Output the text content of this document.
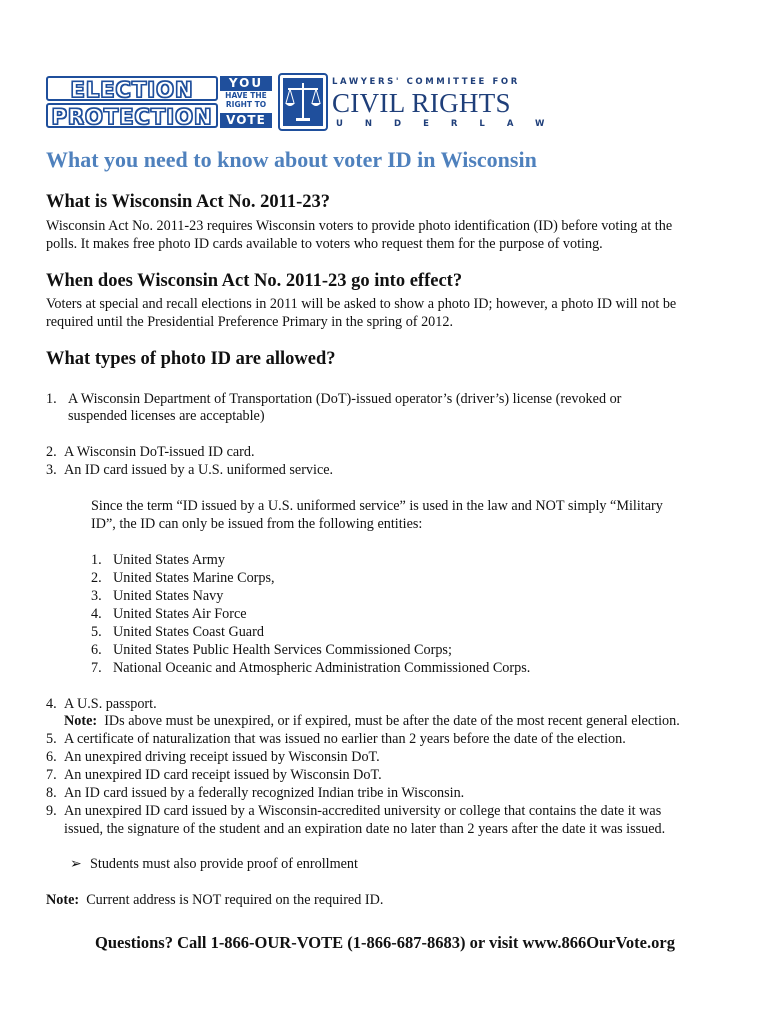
ELECTION
PROTECTION
YOU
HAVE THE
RIGHT TO
VOTE
LAWYERS' COMMITTEE FOR
CIVIL RIGHTS
UNDERLAW
What you need to know about voter ID in Wisconsin
What is Wisconsin Act No. 2011-23?
Wisconsin Act No. 2011-23 requires Wisconsin voters to provide photo identification (ID) before voting at the
polls. It makes free photo ID cards available to voters who request them for the purpose of voting.
When does Wisconsin Act No. 2011-23 go into effect?
Voters at special and recall elections in 2011 will be asked to show a photo ID; however, a photo ID will not be
required until the Presidential Preference Primary in the spring of 2012.
What types of photo ID are allowed?
1. A Wisconsin Department of Transportation (DoT)-issued operator’s (driver’s) license (revoked or
suspended licenses are acceptable)
2. A Wisconsin DoT-issued ID card.
3. An ID card issued by a U.S. uniformed service.
Since the term “ID issued by a U.S. uniformed service” is used in the law and NOT simply “Military
ID”, the ID can only be issued from the following entities:
1. United States Army
2. United States Marine Corps,
3. United States Navy
4. United States Air Force
5. United States Coast Guard
6. United States Public Health Services Commissioned Corps;
7. National Oceanic and Atmospheric Administration Commissioned Corps.
4. A U.S. passport.
Note: IDs above must be unexpired, or if expired, must be after the date of the most recent general election.
5. A certificate of naturalization that was issued no earlier than 2 years before the date of the election.
6. An unexpired driving receipt issued by Wisconsin DoT.
7. An unexpired ID card receipt issued by Wisconsin DoT.
8. An ID card issued by a federally recognized Indian tribe in Wisconsin.
9. An unexpired ID card issued by a Wisconsin-accredited university or college that contains the date it was
issued, the signature of the student and an expiration date no later than 2 years after the date it was issued.
➢ Students must also provide proof of enrollment
Note: Current address is NOT required on the required ID.
Questions? Call 1-866-OUR-VOTE (1-866-687-8683) or visit www.866OurVote.org
